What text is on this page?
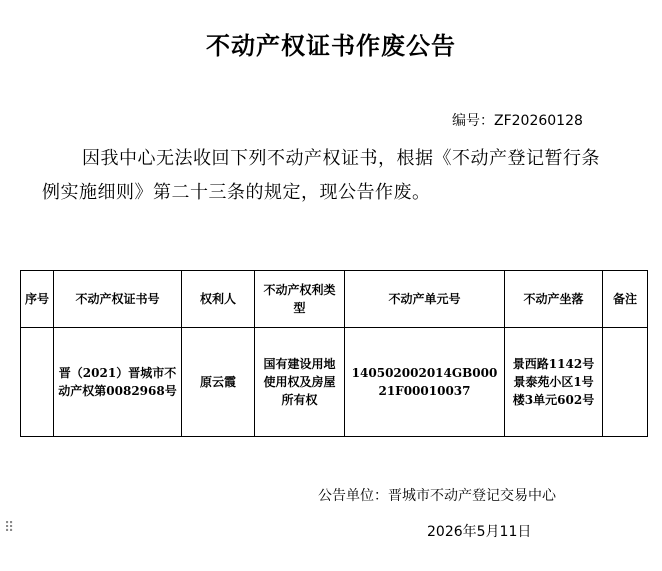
不动产权证书作废公告
编号：ZF20260128
因我中心无法收回下列不动产权证书，根据《不动产登记暂行条例实施细则》第二十三条的规定，现公告作废。
序号	不动产权证书号	权利人	不动产权利类型	不动产单元号	不动产坐落	备注
	晋（2021）晋城市不动产权第0082968号	原云霞	国有建设用地使用权及房屋所有权	140502002014GB00021F00010037	景西路1142号景泰苑小区1号楼3单元602号	
公告单位：晋城市不动产登记交易中心
2026年5月11日
⠿
